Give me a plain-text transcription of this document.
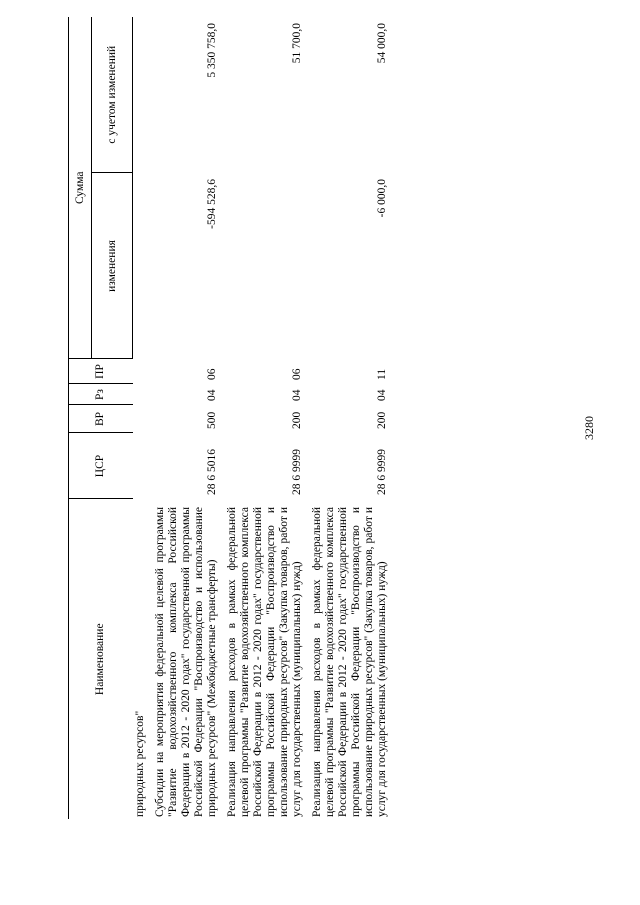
3280
Наименование	ЦСР	ВР	Рз	ПР	Сумма	
					изменения	с учетом изменений
природных ресурсов"						
Субсидии на мероприятия федеральной целевой программы "Развитие водохозяйственного комплекса Российской Федерации в 2012 - 2020 годах" государственной программы Российской Федерации "Воспроизводство и использование природных ресурсов" (Межбюджетные трансферты)	28 6 5016	500	04	06	-594 528,6	5 350 758,0
Реализация направления расходов в рамках федеральной целевой программы "Развитие водохозяйственного комплекса Российской Федерации в 2012 - 2020 годах" государственной программы Российской Федерации "Воспроизводство и использование природных ресурсов" (Закупка товаров, работ и услуг для государственных (муниципальных) нужд)	28 6 9999	200	04	06		51 700,0
Реализация направления расходов в рамках федеральной целевой программы "Развитие водохозяйственного комплекса Российской Федерации в 2012 - 2020 годах" государственной программы Российской Федерации "Воспроизводство и использование природных ресурсов" (Закупка товаров, работ и услуг для государственных (муниципальных) нужд)	28 6 9999	200	04	11	-6 000,0	54 000,0
